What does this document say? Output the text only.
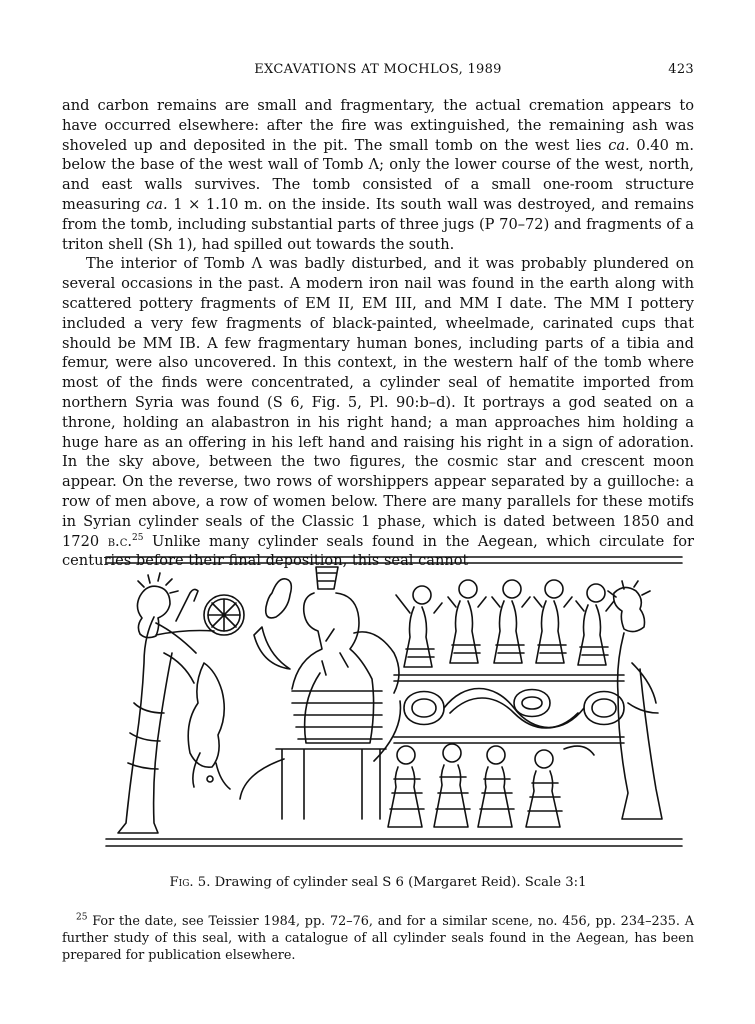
EXCAVATIONS AT MOCHLOS, 1989	423

and carbon remains are small and fragmentary, the actual cremation appears to have occurred elsewhere: after the fire was extinguished, the remaining ash was shoveled up and deposited in the pit. The small tomb on the west lies ca. 0.40 m. below the base of the west wall of Tomb Λ; only the lower course of the west, north, and east walls survives. The tomb consisted of a small one-room structure measuring ca. 1 × 1.10 m. on the inside. Its south wall was destroyed, and remains from the tomb, including substantial parts of three jugs (P 70–72) and fragments of a triton shell (Sh 1), had spilled out towards the south.

The interior of Tomb Λ was badly disturbed, and it was probably plundered on several occasions in the past. A modern iron nail was found in the earth along with scattered pottery fragments of EM II, EM III, and MM I date. The MM I pottery included a very few fragments of black-painted, wheelmade, carinated cups that should be MM IB. A few fragmentary human bones, including parts of a tibia and femur, were also uncovered. In this context, in the western half of the tomb where most of the finds were concentrated, a cylinder seal of hematite imported from northern Syria was found (S 6, Fig. 5, Pl. 90:b–d). It portrays a god seated on a throne, holding an alabastron in his right hand; a man approaches him holding a huge hare as an offering in his left hand and raising his right in a sign of adoration. In the sky above, between the two figures, the cosmic star and crescent moon appear. On the reverse, two rows of worshippers appear separated by a guilloche: a row of men above, a row of women below. There are many parallels for these motifs in Syrian cylinder seals of the Classic 1 phase, which is dated between 1850 and 1720 b.c.$^{25}$ Unlike many cylinder seals found in the Aegean, which circulate for centuries before their final deposition, this seal cannot

Fig. 5. Drawing of cylinder seal S 6 (Margaret Reid). Scale 3:1

$^{25}$ For the date, see Teissier 1984, pp. 72–76, and for a similar scene, no. 456, pp. 234–235. A further study of this seal, with a catalogue of all cylinder seals found in the Aegean, has been prepared for publication elsewhere.
